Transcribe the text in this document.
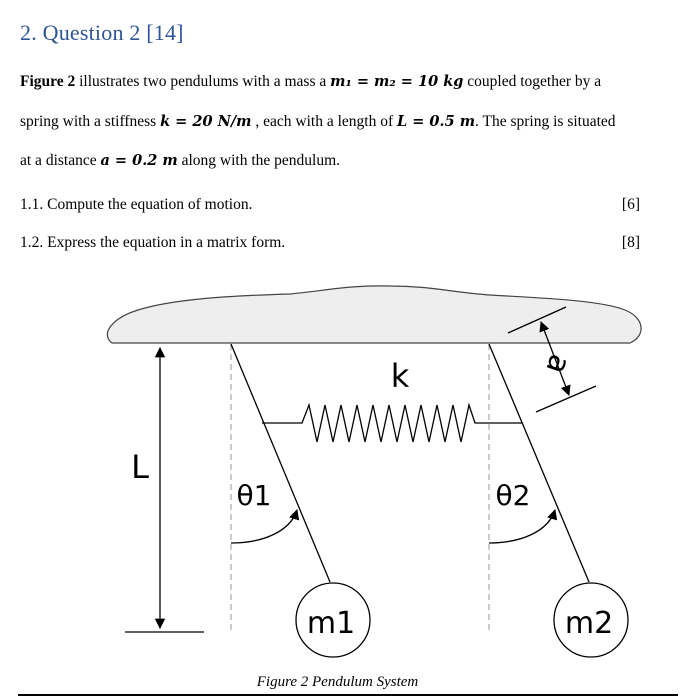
2. Question 2 [14]
Figure 2 illustrates two pendulums with a mass a m₁ = m₂ = 10 kg coupled together by a
spring with a stiffness k = 20 N/m , each with a length of L = 0.5 m. The spring is situated
at a distance a = 0.2 m along with the pendulum.
1.1. Compute the equation of motion.	[6]
1.2. Express the equation in a matrix form.	[8]
k
L
a
θ1	θ2
m1	m2
Figure 2 Pendulum System
